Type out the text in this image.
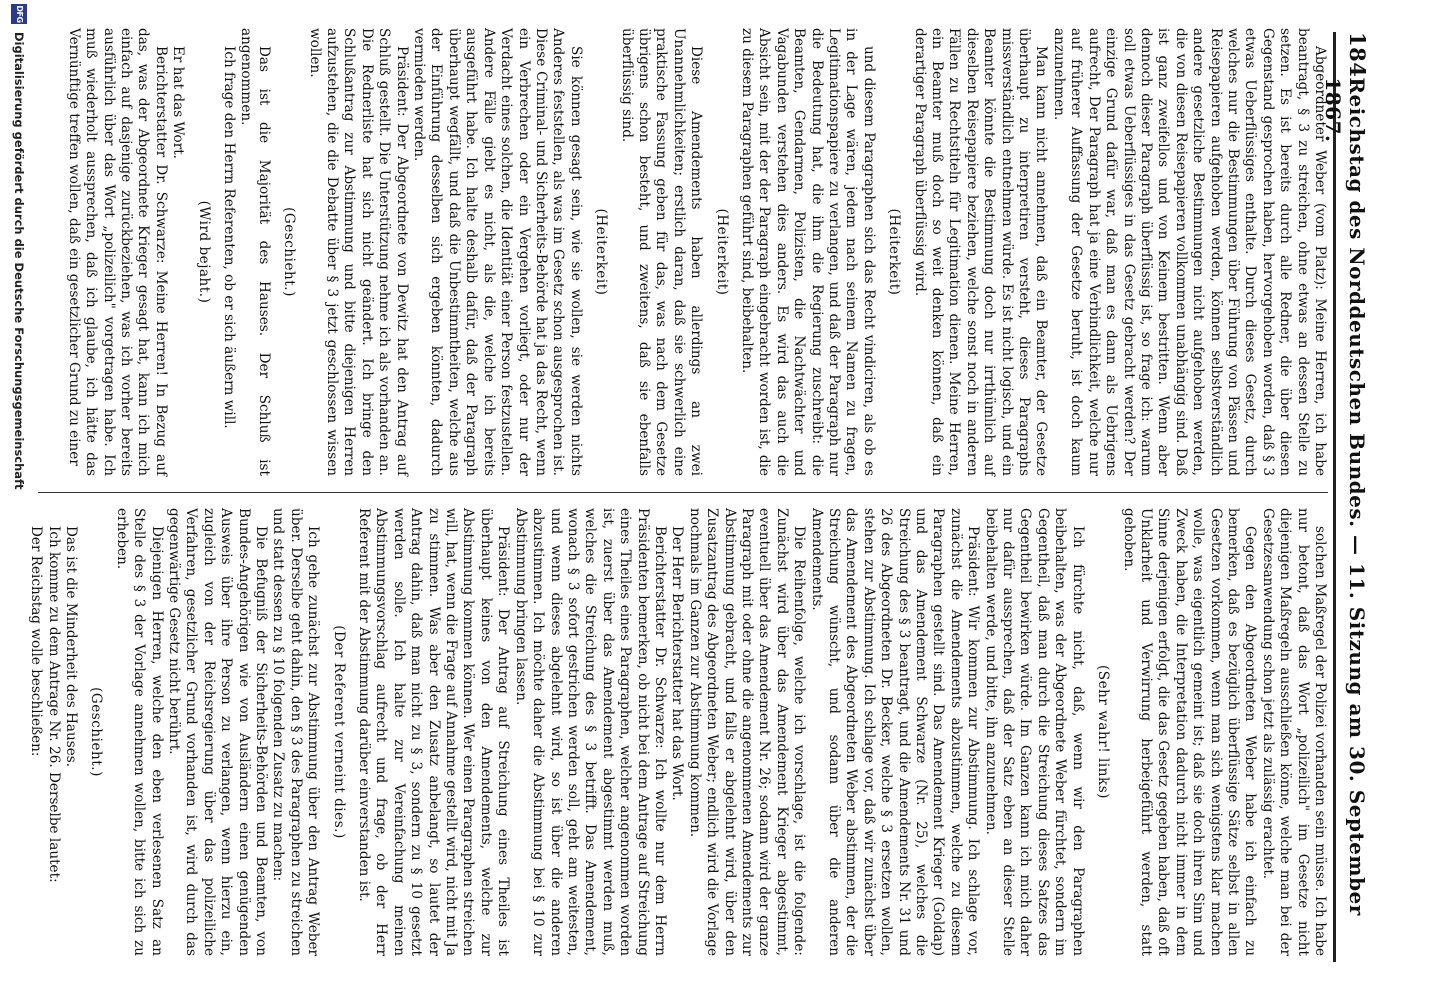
184
Reichstag des Norddeutschen Bundes. — 11. Sitzung am 30. September 1867.

Abgeordneter Weber (vom Platz): Meine Herren, ich habe beantragt, § 3 zu streichen, ohne etwas an dessen Stelle zu setzen. Es ist bereits durch alle Redner, die über diesen Gegenstand gesprochen haben, hervorgehoben worden, daß § 3 etwas Ueberflüssiges enthalte. Durch dieses Gesetz, durch welches nur die Bestimmungen über Führung von Pässen und Reisepapieren aufgehoben werden, können selbstverständlich andere gesetzliche Bestimmungen nicht aufgehoben werden, die von diesen Reisepapieren vollkommen unabhängig sind. Daß ist ganz zweifellos und von Keinem bestritten. Wenn aber dennoch dieser Paragraph überflüssig ist, so frage ich: warum soll etwas Ueberflüssiges in das Gesetz gebracht werden? Der einzige Grund dafür war, daß man es dann als Uebrigens aufrecht, Der Paragraph hat ja eine Verbindlichkeit, welche nur auf früherer Auffassung der Gesetze beruht, ist doch kaum anzunehmen.

Man kann nicht annehmen, daß ein Beamter, der Gesetze überhaupt zu interpretiren versteht, dieses Paragraphs missverständlich entnehmen würde. Es ist nicht logisch, und ein Beamter könnte die Bestimmung doch nur irrthümlich auf dieselben Reisepapiere beziehen, welche sonst noch in anderen Fällen zu Rechtstiteln für Legitimation dienen. Meine Herren, ein Beamter muß doch so weit denken können, daß ein derartiger Paragraph überflüssig wird.

(Heiterkeit)

und diesem Paragraphen sich das Recht vindiciren, als ob es in der Lage wären, jedem nach seinem Namen zu fragen, Legitimationspapiere zu verlangen, und daß der Paragraph nur die Bedeutung hat, die ihm die Regierung zuschreibt: die Beamten, Gendarmen, Polizisten, die Nachtwächter und Vagabunden verstehen dies anders. Es wird das auch die Absicht sein, mit der der Paragraph eingebracht worden ist, die zu diesem Paragraphen geführt sind, beibehalten.

(Heiterkeit)

Diese Amendements haben allerdings an zwei Unannehmlichkeiten; erstlich daran, daß sie schwerlich eine praktische Fassung geben für das, was nach dem Gesetze übrigens schon besteht, und zweitens, daß sie ebenfalls überflüssig sind.

(Heiterkeit)

Sie können gesagt sein, wie sie wollen, sie werden nichts Anderes feststellen, als was im Gesetz schon ausgesprochen ist. Diese Criminal- und Sicherheits-Behörde hat ja das Recht, wenn ein Verbrechen oder ein Vergehen vorliegt, oder nur der Verdacht eines solchen, die Identität einer Person festzustellen. Andere Fälle giebt es nicht, als die, welche ich bereits ausgeführt habe. Ich halte deshalb dafür, daß der Paragraph überhaupt wegfällt, und daß die Unbestimmtheiten, welche aus der Einführung desselben sich ergeben könnten, dadurch vermieden werden.

Präsident: Der Abgeordnete von Dewitz hat den Antrag auf Schluß gestellt. Die Unterstützung nehme ich als vorhanden an. Die Rednerliste hat sich nicht geändert. Ich bringe den Schlußantrag zur Abstimmung und bitte diejenigen Herren aufzustehen, die die Debatte über § 3 jetzt geschlossen wissen wollen.

(Geschieht.)

Das ist die Majorität des Hauses. Der Schluß ist angenommen.

Ich frage den Herrn Referenten, ob er sich äußern will.

(Wird bejaht.)

Er hat das Wort.

Berichterstatter Dr. Schwarze: Meine Herren! In Bezug auf das, was der Abgeordnete Krieger gesagt hat, kann ich mich einfach auf dasjenige zurückbeziehen, was ich vorher bereits ausführlich über das Wort „polizeilich" vorgetragen habe. Ich muß wiederholt aussprechen, daß ich glaube, ich hätte das Vernünftige treffen wollen, daß ein gesetzlicher Grund zu einer

solchen Maßregel der Polizei vorhanden sein müsse. Ich habe nur betont, daß das Wort „polizeilich" im Gesetze nicht diejenigen Maßregeln ausschließen könne, welche man bei der Gesetzesanwendung schon jetzt als zulässig erachtet.

Gegen den Abgeordneten Weber habe ich einfach zu bemerken, daß es bezüglich überflüssige Sätze selbst in allen Gesetzen vorkommen, wenn man sich wenigstens klar machen wolle, was eigentlich gemeint ist; daß sie doch ihren Sinn und Zweck haben, die Interpretation dadurch nicht immer in dem Sinne derjenigen erfolgt, die das Gesetz gegeben haben, daß oft Unklarheit und Verwirrung herbeigeführt werden, statt gehoben.

(Sehr wahr! links)

Ich fürchte nicht, daß, wenn wir den Paragraphen beibehalten, was der Abgeordnete Weber fürchtet, sondern im Gegentheil, daß man durch die Streichung dieses Satzes das Gegentheil bewirken würde. Im Ganzen kann ich mich daher nur dafür aussprechen, daß der Satz eben an dieser Stelle beibehalten werde, und bitte, ihn anzunehmen.

Präsident: Wir kommen zur Abstimmung. Ich schlage vor, zunächst die Amendements abzustimmen, welche zu diesem Paragraphen gestellt sind. Das Amendement Krieger (Goldap) und das Amendement Schwarze (Nr. 25), welches die Streichung des § 3 beantragt, und die Amendements Nr. 31 und 26 des Abgeordneten Dr. Becker, welche § 3 ersetzen wollen, stehen zur Abstimmung. Ich schlage vor, daß wir zunächst über das Amendement des Abgeordneten Weber abstimmen, der die Streichung wünscht, und sodann über die anderen Amendements.

Die Reihenfolge, welche ich vorschlage, ist die folgende: Zunächst wird über das Amendement Krieger abgestimmt, eventuell über das Amendement Nr. 26; sodann wird der ganze Paragraph mit oder ohne die angenommenen Amendements zur Abstimmung gebracht, und falls er abgelehnt wird, über den Zusatzantrag des Abgeordneten Weber; endlich wird die Vorlage nochmals im Ganzen zur Abstimmung kommen.

Der Herr Berichterstatter hat das Wort.

Berichterstatter Dr. Schwarze: Ich wollte nur dem Herrn Präsidenten bemerken, ob nicht bei dem Antrage auf Streichung eines Theiles eines Paragraphen, welcher angenommen worden ist, zuerst über das Amendement abgestimmt werden muß, welches die Streichung des § 3 betrifft. Das Amendement, wonach § 3 sofort gestrichen werden soll, geht am weitesten, und wenn dieses abgelehnt wird, so ist über die anderen abzustimmen. Ich möchte daher die Abstimmung bei § 10 zur Abstimmung bringen lassen.

Präsident: Der Antrag auf Streichung eines Theiles ist überhaupt keines von den Amendements, welche zur Abstimmung kommen können. Wer einen Paragraphen streichen will, hat, wenn die Frage auf Annahme gestellt wird, nicht mit Ja zu stimmen. Was aber den Zusatz anbelangt, so lautet der Antrag dahin, daß man nicht zu § 3, sondern zu § 10 gesetzt werden solle. Ich halte zur Vereinfachung meinen Abstimmungsvorschlag aufrecht und frage, ob der Herr Referent mit der Abstimmung darüber einverstanden ist.

(Der Referent verneint dies.)

Ich gehe zunächst zur Abstimmung über den Antrag Weber über. Derselbe geht dahin, den § 3 des Paragraphen zu streichen und statt dessen zu § 10 folgenden Zusatz zu machen:

Die Befugniß der Sicherheits-Behörden und Beamten, von Bundes-Angehörigen wie von Ausländern einen genügenden Ausweis über ihre Person zu verlangen, wenn hierzu ein, zugleich von der Reichsregierung über das polizeiliche Verfahren, gesetzlicher Grund vorhanden ist, wird durch das gegenwärtige Gesetz nicht berührt.

Diejenigen Herren, welche den eben verlesenen Satz an Stelle des § 3 der Vorlage annehmen wollen, bitte ich sich zu erheben.

(Geschieht.)

Das ist die Minderheit des Hauses.

Ich komme zu dem Antrage Nr. 26. Derselbe lautet:

Der Reichstag wolle beschließen:

DFG
Digitalisierung gefördert durch die Deutsche Forschungsgemeinschaft
